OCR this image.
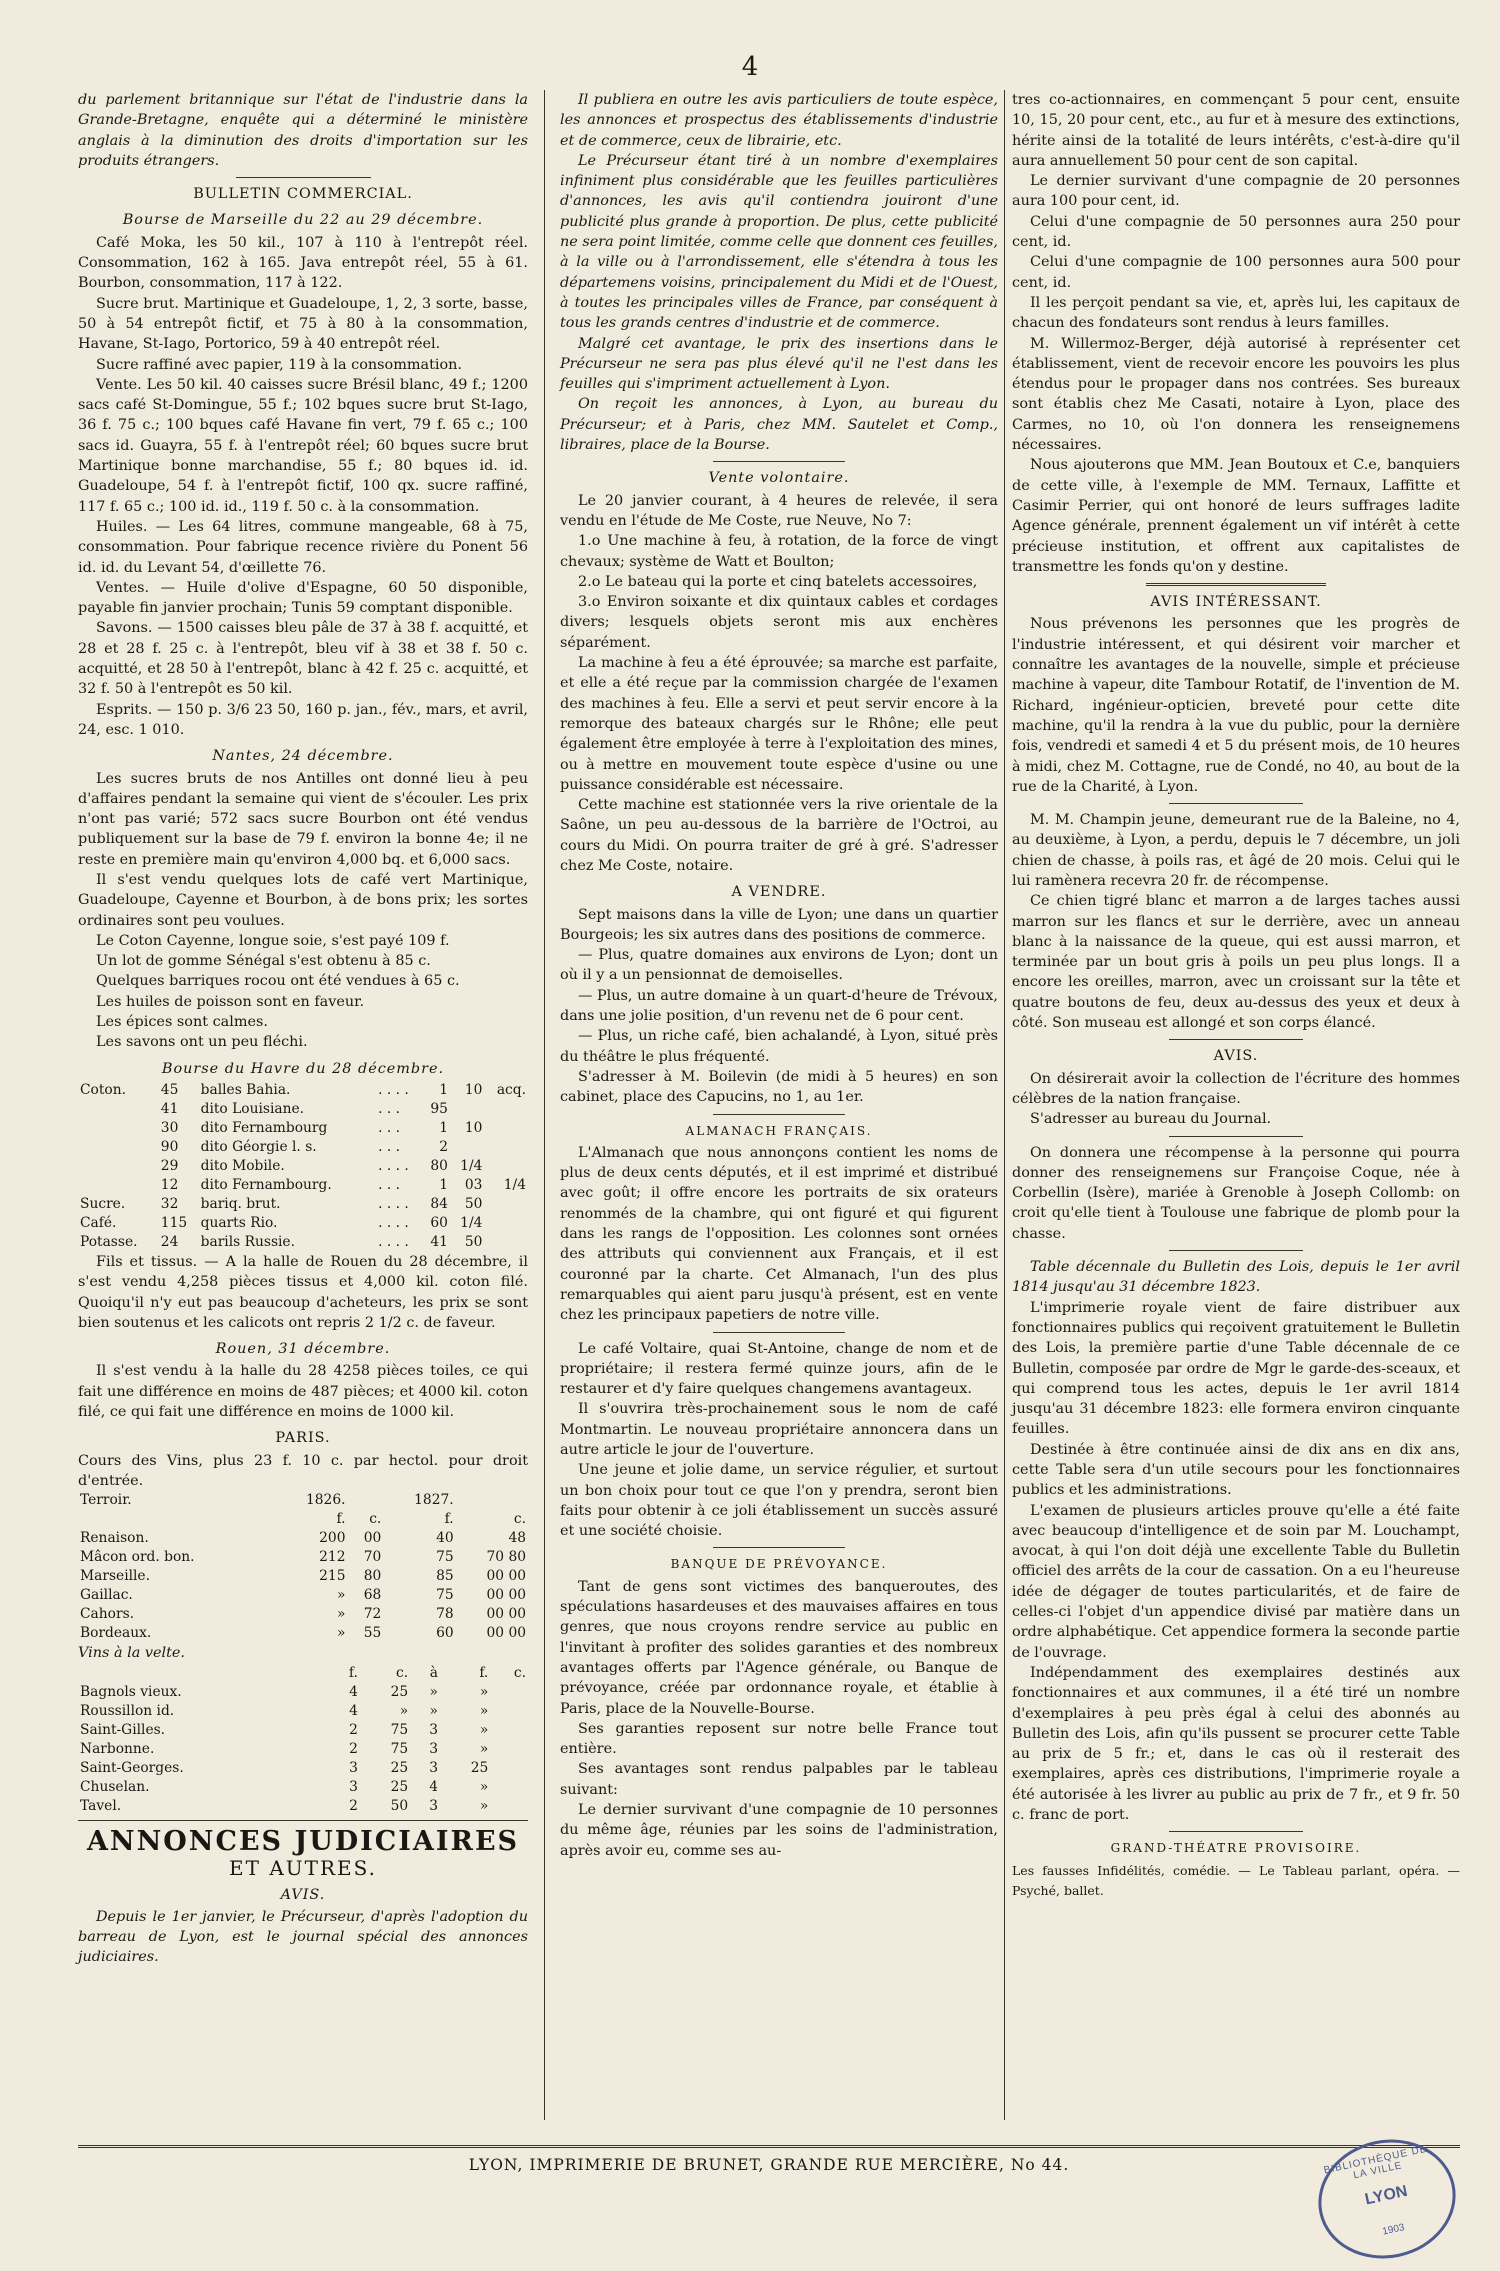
4

du parlement britannique sur l'état de l'industrie dans la Grande-Bretagne, enquête qui a déterminé le ministère anglais à la diminution des droits d'importation sur les produits étrangers.

BULLETIN COMMERCIAL.

Bourse de Marseille du 22 au 29 décembre.

Café Moka, les 50 kil., 107 à 110 à l'entrepôt réel. Consommation, 162 à 165. Java entrepôt réel, 55 à 61. Bourbon, consommation, 117 à 122.

Sucre brut. Martinique et Guadeloupe, 1, 2, 3 sorte, basse, 50 à 54 entrepôt fictif, et 75 à 80 à la consommation, Havane, St-Iago, Portorico, 59 à 40 entrepôt réel.

Sucre raffiné avec papier, 119 à la consommation.

Vente. Les 50 kil. 40 caisses sucre Brésil blanc, 49 f.; 1200 sacs café St-Domingue, 55 f.; 102 bques sucre brut St-Iago, 36 f. 75 c.; 100 bques café Havane fin vert, 79 f. 65 c.; 100 sacs id. Guayra, 55 f. à l'entrepôt réel; 60 bques sucre brut Martinique bonne marchandise, 55 f.; 80 bques id. id. Guadeloupe, 54 f. à l'entrepôt fictif, 100 qx. sucre raffiné, 117 f. 65 c.; 100 id. id., 119 f. 50 c. à la consommation.

Huiles. — Les 64 litres, commune mangeable, 68 à 75, consommation. Pour fabrique recence rivière du Ponent 56 id. id. du Levant 54, d'œillette 76.

Ventes. — Huile d'olive d'Espagne, 60 50 disponible, payable fin janvier prochain; Tunis 59 comptant disponible.

Savons. — 1500 caisses bleu pâle de 37 à 38 f. acquitté, et 28 et 28 f. 25 c. à l'entrepôt, bleu vif à 38 et 38 f. 50 c. acquitté, et 28 50 à l'entrepôt, blanc à 42 f. 25 c. acquitté, et 32 f. 50 à l'entrepôt es 50 kil.

Esprits. — 150 p. 3/6 23 50, 160 p. jan., fév., mars, et avril, 24, esc. 1 010.

Nantes, 24 décembre.

Les sucres bruts de nos Antilles ont donné lieu à peu d'affaires pendant la semaine qui vient de s'écouler. Les prix n'ont pas varié; 572 sacs sucre Bourbon ont été vendus publiquement sur la base de 79 f. environ la bonne 4e; il ne reste en première main qu'environ 4,000 bq. et 6,000 sacs.

Il s'est vendu quelques lots de café vert Martinique, Guadeloupe, Cayenne et Bourbon, à de bons prix; les sortes ordinaires sont peu voulues.

Le Coton Cayenne, longue soie, s'est payé 109 f.

Un lot de gomme Sénégal s'est obtenu à 85 c.

Quelques barriques rocou ont été vendues à 65 c.

Les huiles de poisson sont en faveur.

Les épices sont calmes.

Les savons ont un peu fléchi.

Bourse du Havre du 28 décembre.

Coton.	45	balles Bahia.	. . . .	1	10	acq.
	41	dito Louisiane.	. . .	95		
	30	dito Fernambourg	. . .	1	10	
	90	dito Géorgie l. s.	. . .	2		
	29	dito Mobile.	. . . .	80	1/4	
	12	dito Fernambourg.	. . .	1	03	1/4
Sucre.	32	bariq. brut.	. . . .	84	50	
Café.	115	quarts Rio.	. . . .	60	1/4	
Potasse.	24	barils Russie.	. . . .	41	50	

Fils et tissus. — A la halle de Rouen du 28 décembre, il s'est vendu 4,258 pièces tissus et 4,000 kil. coton filé. Quoiqu'il n'y eut pas beaucoup d'acheteurs, les prix se sont bien soutenus et les calicots ont repris 2 1/2 c. de faveur.

Rouen, 31 décembre.

Il s'est vendu à la halle du 28 4258 pièces toiles, ce qui fait une différence en moins de 487 pièces; et 4000 kil. coton filé, ce qui fait une différence en moins de 1000 kil.

PARIS.

Cours des Vins, plus 23 f. 10 c. par hectol. pour droit d'entrée.

Terroir.	1826.		1827.	
	f.	c.	f.	c.
Renaison.	200	00	40	48
Mâcon ord. bon.	212	70	75	70 80
Marseille.	215	80	85	00 00
Gaillac.	»	68	75	00 00
Cahors.	»	72	78	00 00
Bordeaux.	»	55	60	00 00

Vins à la velte.

	f.	c.	à	f.	c.
Bagnols vieux.	4	25	»	»	
Roussillon id.	4	»	»	»	
Saint-Gilles.	2	75	3	»	
Narbonne.	2	75	3	»	
Saint-Georges.	3	25	3	25	
Chuselan.	3	25	4	»	
Tavel.	2	50	3	»	

ANNONCES JUDICIAIRES

ET AUTRES.

AVIS.

Depuis le 1er janvier, le Précurseur, d'après l'adoption du barreau de Lyon, est le journal spécial des annonces judiciaires.

Il publiera en outre les avis particuliers de toute espèce, les annonces et prospectus des établissements d'industrie et de commerce, ceux de librairie, etc.

Le Précurseur étant tiré à un nombre d'exemplaires infiniment plus considérable que les feuilles particulières d'annonces, les avis qu'il contiendra jouiront d'une publicité plus grande à proportion. De plus, cette publicité ne sera point limitée, comme celle que donnent ces feuilles, à la ville ou à l'arrondissement, elle s'étendra à tous les départemens voisins, principalement du Midi et de l'Ouest, à toutes les principales villes de France, par conséquent à tous les grands centres d'industrie et de commerce.

Malgré cet avantage, le prix des insertions dans le Précurseur ne sera pas plus élevé qu'il ne l'est dans les feuilles qui s'impriment actuellement à Lyon.

On reçoit les annonces, à Lyon, au bureau du Précurseur; et à Paris, chez MM. Sautelet et Comp., libraires, place de la Bourse.

Vente volontaire.

Le 20 janvier courant, à 4 heures de relevée, il sera vendu en l'étude de Me Coste, rue Neuve, No 7:

1.o Une machine à feu, à rotation, de la force de vingt chevaux; système de Watt et Boulton;

2.o Le bateau qui la porte et cinq batelets accessoires,

3.o Environ soixante et dix quintaux cables et cordages divers; lesquels objets seront mis aux enchères séparément.

La machine à feu a été éprouvée; sa marche est parfaite, et elle a été reçue par la commission chargée de l'examen des machines à feu. Elle a servi et peut servir encore à la remorque des bateaux chargés sur le Rhône; elle peut également être employée à terre à l'exploitation des mines, ou à mettre en mouvement toute espèce d'usine ou une puissance considérable est nécessaire.

Cette machine est stationnée vers la rive orientale de la Saône, un peu au-dessous de la barrière de l'Octroi, au cours du Midi. On pourra traiter de gré à gré. S'adresser chez Me Coste, notaire.

A VENDRE.

Sept maisons dans la ville de Lyon; une dans un quartier Bourgeois; les six autres dans des positions de commerce.

— Plus, quatre domaines aux environs de Lyon; dont un où il y a un pensionnat de demoiselles.

— Plus, un autre domaine à un quart-d'heure de Trévoux, dans une jolie position, d'un revenu net de 6 pour cent.

— Plus, un riche café, bien achalandé, à Lyon, situé près du théâtre le plus fréquenté.

S'adresser à M. Boilevin (de midi à 5 heures) en son cabinet, place des Capucins, no 1, au 1er.

ALMANACH FRANÇAIS.

L'Almanach que nous annonçons contient les noms de plus de deux cents députés, et il est imprimé et distribué avec goût; il offre encore les portraits de six orateurs renommés de la chambre, qui ont figuré et qui figurent dans les rangs de l'opposition. Les colonnes sont ornées des attributs qui conviennent aux Français, et il est couronné par la charte. Cet Almanach, l'un des plus remarquables qui aient paru jusqu'à présent, est en vente chez les principaux papetiers de notre ville.

Le café Voltaire, quai St-Antoine, change de nom et de propriétaire; il restera fermé quinze jours, afin de le restaurer et d'y faire quelques changemens avantageux.

Il s'ouvrira très-prochainement sous le nom de café Montmartin. Le nouveau propriétaire annoncera dans un autre article le jour de l'ouverture.

Une jeune et jolie dame, un service régulier, et surtout un bon choix pour tout ce que l'on y prendra, seront bien faits pour obtenir à ce joli établissement un succès assuré et une société choisie.

BANQUE DE PRÉVOYANCE.

Tant de gens sont victimes des banqueroutes, des spéculations hasardeuses et des mauvaises affaires en tous genres, que nous croyons rendre service au public en l'invitant à profiter des solides garanties et des nombreux avantages offerts par l'Agence générale, ou Banque de prévoyance, créée par ordonnance royale, et établie à Paris, place de la Nouvelle-Bourse.

Ses garanties reposent sur notre belle France tout entière.

Ses avantages sont rendus palpables par le tableau suivant:

Le dernier survivant d'une compagnie de 10 personnes du même âge, réunies par les soins de l'administration, après avoir eu, comme ses au-

tres co-actionnaires, en commençant 5 pour cent, ensuite 10, 15, 20 pour cent, etc., au fur et à mesure des extinctions, hérite ainsi de la totalité de leurs intérêts, c'est-à-dire qu'il aura annuellement 50 pour cent de son capital.

Le dernier survivant d'une compagnie de 20 personnes aura 100 pour cent, id.

Celui d'une compagnie de 50 personnes aura 250 pour cent, id.

Celui d'une compagnie de 100 personnes aura 500 pour cent, id.

Il les perçoit pendant sa vie, et, après lui, les capitaux de chacun des fondateurs sont rendus à leurs familles.

M. Willermoz-Berger, déjà autorisé à représenter cet établissement, vient de recevoir encore les pouvoirs les plus étendus pour le propager dans nos contrées. Ses bureaux sont établis chez Me Casati, notaire à Lyon, place des Carmes, no 10, où l'on donnera les renseignemens nécessaires.

Nous ajouterons que MM. Jean Boutoux et C.e, banquiers de cette ville, à l'exemple de MM. Ternaux, Laffitte et Casimir Perrier, qui ont honoré de leurs suffrages ladite Agence générale, prennent également un vif intérêt à cette précieuse institution, et offrent aux capitalistes de transmettre les fonds qu'on y destine.

AVIS INTÉRESSANT.

Nous prévenons les personnes que les progrès de l'industrie intéressent, et qui désirent voir marcher et connaître les avantages de la nouvelle, simple et précieuse machine à vapeur, dite Tambour Rotatif, de l'invention de M. Richard, ingénieur-opticien, breveté pour cette dite machine, qu'il la rendra à la vue du public, pour la dernière fois, vendredi et samedi 4 et 5 du présent mois, de 10 heures à midi, chez M. Cottagne, rue de Condé, no 40, au bout de la rue de la Charité, à Lyon.

M. M. Champin jeune, demeurant rue de la Baleine, no 4, au deuxième, à Lyon, a perdu, depuis le 7 décembre, un joli chien de chasse, à poils ras, et âgé de 20 mois. Celui qui le lui ramènera recevra 20 fr. de récompense.

Ce chien tigré blanc et marron a de larges taches aussi marron sur les flancs et sur le derrière, avec un anneau blanc à la naissance de la queue, qui est aussi marron, et terminée par un bout gris à poils un peu plus longs. Il a encore les oreilles, marron, avec un croissant sur la tête et quatre boutons de feu, deux au-dessus des yeux et deux à côté. Son museau est allongé et son corps élancé.

AVIS.

On désirerait avoir la collection de l'écriture des hommes célèbres de la nation française.

S'adresser au bureau du Journal.

On donnera une récompense à la personne qui pourra donner des renseignemens sur Françoise Coque, née à Corbellin (Isère), mariée à Grenoble à Joseph Collomb: on croit qu'elle tient à Toulouse une fabrique de plomb pour la chasse.

Table décennale du Bulletin des Lois, depuis le 1er avril 1814 jusqu'au 31 décembre 1823.

L'imprimerie royale vient de faire distribuer aux fonctionnaires publics qui reçoivent gratuitement le Bulletin des Lois, la première partie d'une Table décennale de ce Bulletin, composée par ordre de Mgr le garde-des-sceaux, et qui comprend tous les actes, depuis le 1er avril 1814 jusqu'au 31 décembre 1823: elle formera environ cinquante feuilles.

Destinée à être continuée ainsi de dix ans en dix ans, cette Table sera d'un utile secours pour les fonctionnaires publics et les administrations.

L'examen de plusieurs articles prouve qu'elle a été faite avec beaucoup d'intelligence et de soin par M. Louchampt, avocat, à qui l'on doit déjà une excellente Table du Bulletin officiel des arrêts de la cour de cassation. On a eu l'heureuse idée de dégager de toutes particularités, et de faire de celles-ci l'objet d'un appendice divisé par matière dans un ordre alphabétique. Cet appendice formera la seconde partie de l'ouvrage.

Indépendamment des exemplaires destinés aux fonctionnaires et aux communes, il a été tiré un nombre d'exemplaires à peu près égal à celui des abonnés au Bulletin des Lois, afin qu'ils pussent se procurer cette Table au prix de 5 fr.; et, dans le cas où il resterait des exemplaires, après ces distributions, l'imprimerie royale a été autorisée à les livrer au public au prix de 7 fr., et 9 fr. 50 c. franc de port.

GRAND-THÉATRE PROVISOIRE.

Les fausses Infidélités, comédie. — Le Tableau parlant, opéra. — Psyché, ballet.

LYON, IMPRIMERIE DE BRUNET, GRANDE RUE MERCIÈRE, No 44.	BIBLIOTHÈQUE DE LA VILLE
LYON
1903
